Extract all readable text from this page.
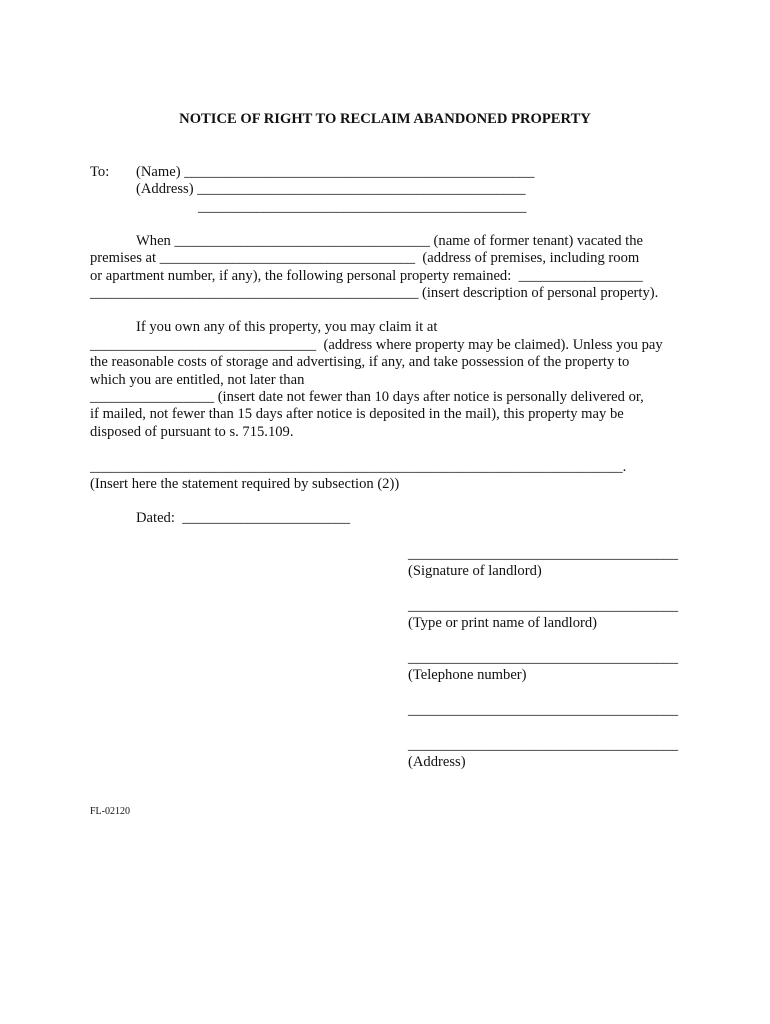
NOTICE OF RIGHT TO RECLAIM ABANDONED PROPERTY
To: (Name) ________________________________________________
(Address) _____________________________________________
_____________________________________________
When ___________________________________ (name of former tenant) vacated the
premises at ___________________________________  (address of premises, including room
or apartment number, if any), the following personal property remained:  _________________
_____________________________________________ (insert description of personal property).
If you own any of this property, you may claim it at
_______________________________  (address where property may be claimed). Unless you pay
the reasonable costs of storage and advertising, if any, and take possession of the property to
which you are entitled, not later than
_________________ (insert date not fewer than 10 days after notice is personally delivered or,
if mailed, not fewer than 15 days after notice is deposited in the mail), this property may be
disposed of pursuant to s. 715.109.
_________________________________________________________________________.
(Insert here the statement required by subsection (2))
Dated:  _______________________
_____________________________________
(Signature of landlord)
_____________________________________
(Type or print name of landlord)
_____________________________________
(Telephone number)
_____________________________________
_____________________________________
(Address)
FL-02120
